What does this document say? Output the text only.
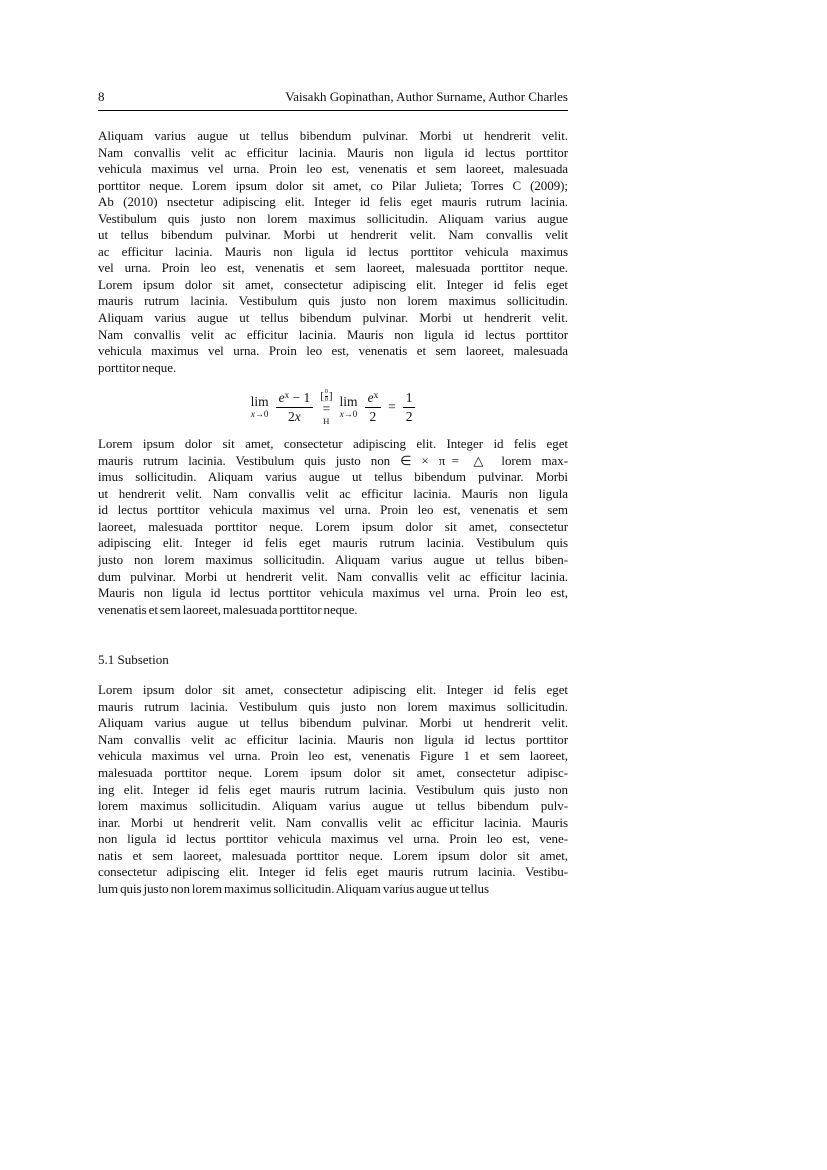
8	Vaisakh Gopinathan, Author Surname, Author Charles
Aliquam varius augue ut tellus bibendum pulvinar. Morbi ut hendrerit velit.
Nam convallis velit ac efficitur lacinia. Mauris non ligula id lectus porttitor
vehicula maximus vel urna. Proin leo est, venenatis et sem laoreet, malesuada
porttitor neque. Lorem ipsum dolor sit amet, co Pilar Julieta; Torres C (2009);
Ab (2010) nsectetur adipiscing elit. Integer id felis eget mauris rutrum lacinia.
Vestibulum quis justo non lorem maximus sollicitudin. Aliquam varius augue
ut tellus bibendum pulvinar. Morbi ut hendrerit velit. Nam convallis velit
ac efficitur lacinia. Mauris non ligula id lectus porttitor vehicula maximus
vel urna. Proin leo est, venenatis et sem laoreet, malesuada porttitor neque.
Lorem ipsum dolor sit amet, consectetur adipiscing elit. Integer id felis eget
mauris rutrum lacinia. Vestibulum quis justo non lorem maximus sollicitudin.
Aliquam varius augue ut tellus bibendum pulvinar. Morbi ut hendrerit velit.
Nam convallis velit ac efficitur lacinia. Mauris non ligula id lectus porttitor
vehicula maximus vel urna. Proin leo est, venenatis et sem laoreet, malesuada
porttitor neque.
lim
$x\to 0 \frac{e^x - 1}{2x}$ [ 0
0 ]
=
H
lim
$x\to 0 \frac{e^x}{2} = \frac{1}{2}$
Lorem ipsum dolor sit amet, consectetur adipiscing elit. Integer id felis eget
mauris rutrum lacinia. Vestibulum quis justo non ∈ × π = △ lorem max-
imus sollicitudin. Aliquam varius augue ut tellus bibendum pulvinar. Morbi
ut hendrerit velit. Nam convallis velit ac efficitur lacinia. Mauris non ligula
id lectus porttitor vehicula maximus vel urna. Proin leo est, venenatis et sem
laoreet, malesuada porttitor neque. Lorem ipsum dolor sit amet, consectetur
adipiscing elit. Integer id felis eget mauris rutrum lacinia. Vestibulum quis
justo non lorem maximus sollicitudin. Aliquam varius augue ut tellus biben-
dum pulvinar. Morbi ut hendrerit velit. Nam convallis velit ac efficitur lacinia.
Mauris non ligula id lectus porttitor vehicula maximus vel urna. Proin leo est,
venenatis et sem laoreet, malesuada porttitor neque.
5.1 Subsetion
Lorem ipsum dolor sit amet, consectetur adipiscing elit. Integer id felis eget
mauris rutrum lacinia. Vestibulum quis justo non lorem maximus sollicitudin.
Aliquam varius augue ut tellus bibendum pulvinar. Morbi ut hendrerit velit.
Nam convallis velit ac efficitur lacinia. Mauris non ligula id lectus porttitor
vehicula maximus vel urna. Proin leo est, venenatis Figure 1 et sem laoreet,
malesuada porttitor neque. Lorem ipsum dolor sit amet, consectetur adipisc-
ing elit. Integer id felis eget mauris rutrum lacinia. Vestibulum quis justo non
lorem maximus sollicitudin. Aliquam varius augue ut tellus bibendum pulv-
inar. Morbi ut hendrerit velit. Nam convallis velit ac efficitur lacinia. Mauris
non ligula id lectus porttitor vehicula maximus vel urna. Proin leo est, vene-
natis et sem laoreet, malesuada porttitor neque. Lorem ipsum dolor sit amet,
consectetur adipiscing elit. Integer id felis eget mauris rutrum lacinia. Vestibu-
lum quis justo non lorem maximus sollicitudin. Aliquam varius augue ut tellus
